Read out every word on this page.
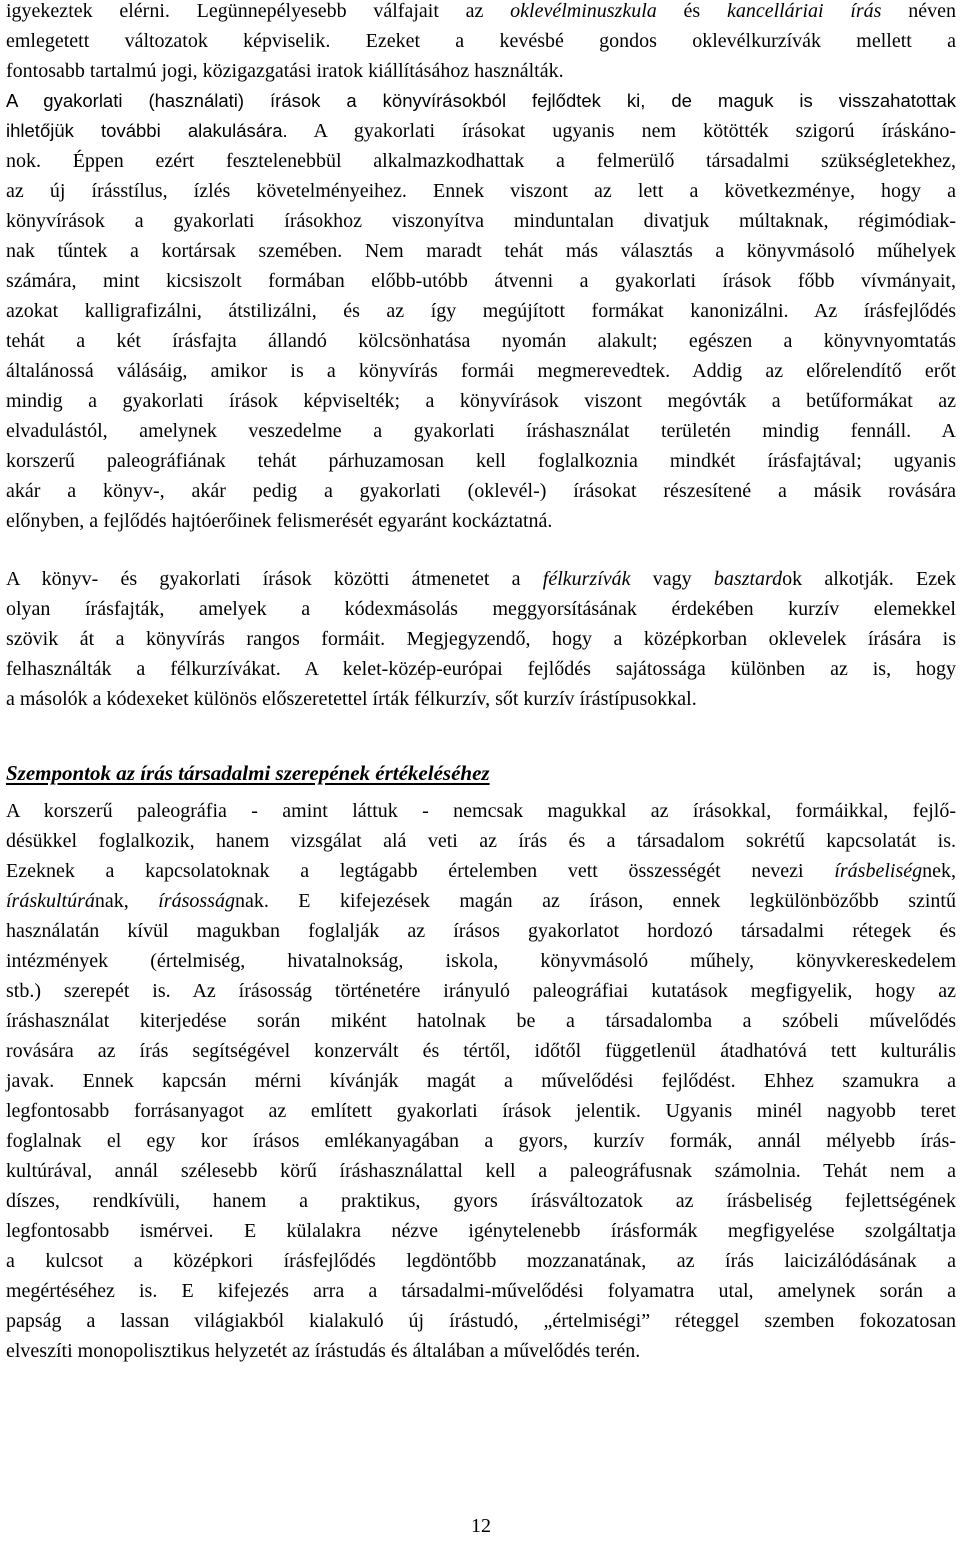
igyekeztek elérni. Legünnepélyesebb válfajait az oklevélminuszkula és kancelláriai írás néven
emlegetett változatok képviselik. Ezeket a kevésbé gondos oklevélkurzívák mellett a
fontosabb tartalmú jogi, közigazgatási iratok kiállításához használták.
A gyakorlati (használati) írások a könyvírásokból fejlődtek ki, de maguk is visszahatottak
ihletőjük további alakulására. A gyakorlati írásokat ugyanis nem kötötték szigorú íráskáno-
nok. Éppen ezért fesztelenebbül alkalmazkodhattak a felmerülő társadalmi szükségletekhez,
az új írásstílus, ízlés követelményeihez. Ennek viszont az lett a következménye, hogy a
könyvírások a gyakorlati írásokhoz viszonyítva minduntalan divatjuk múltaknak, régimódiak-
nak tűntek a kortársak szemében. Nem maradt tehát más választás a könyvmásoló műhelyek
számára, mint kicsiszolt formában előbb-utóbb átvenni a gyakorlati írások főbb vívmányait,
azokat kalligrafizálni, átstilizálni, és az így megújított formákat kanonizálni. Az írásfejlődés
tehát a két írásfajta állandó kölcsönhatása nyomán alakult; egészen a könyvnyomtatás
általánossá válásáig, amikor is a könyvírás formái megmerevedtek. Addig az előrelendítő erőt
mindig a gyakorlati írások képviselték; a könyvírások viszont megóvták a betűformákat az
elvadulástól, amelynek veszedelme a gyakorlati íráshasználat területén mindig fennáll. A
korszerű paleográfiának tehát párhuzamosan kell foglalkoznia mindkét írásfajtával; ugyanis
akár a könyv-, akár pedig a gyakorlati (oklevél-) írásokat részesítené a másik rovására
előnyben, a fejlődés hajtóerőinek felismerését egyaránt kockáztatná.
A könyv- és gyakorlati írások közötti átmenetet a félkurzívák vagy basztardok alkotják. Ezek
olyan írásfajták, amelyek a kódexmásolás meggyorsításának érdekében kurzív elemekkel
szövik át a könyvírás rangos formáit. Megjegyzendő, hogy a középkorban oklevelek írására is
felhasználták a félkurzívákat. A kelet-közép-európai fejlődés sajátossága különben az is, hogy
a másolók a kódexeket különös előszeretettel írták félkurzív, sőt kurzív írástípusokkal.
Szempontok az írás társadalmi szerepének értékeléséhez
A korszerű paleográfia - amint láttuk - nemcsak magukkal az írásokkal, formáikkal, fejlő-
désükkel foglalkozik, hanem vizsgálat alá veti az írás és a társadalom sokrétű kapcsolatát is.
Ezeknek a kapcsolatoknak a legtágabb értelemben vett összességét nevezi írásbeliségnek,
íráskultúrának, írásosságnak. E kifejezések magán az íráson, ennek legkülönbözőbb szintű
használatán kívül magukban foglalják az írásos gyakorlatot hordozó társadalmi rétegek és
intézmények (értelmiség, hivatalnokság, iskola, könyvmásoló műhely, könyvkereskedelem
stb.) szerepét is. Az írásosság történetére irányuló paleográfiai kutatások megfigyelik, hogy az
íráshasználat kiterjedése során miként hatolnak be a társadalomba a szóbeli művelődés
rovására az írás segítségével konzervált és tértől, időtől függetlenül átadhatóvá tett kulturális
javak. Ennek kapcsán mérni kívánják magát a művelődési fejlődést. Ehhez szamukra a
legfontosabb forrásanyagot az említett gyakorlati írások jelentik. Ugyanis minél nagyobb teret
foglalnak el egy kor írásos emlékanyagában a gyors, kurzív formák, annál mélyebb írás-
kultúrával, annál szélesebb körű íráshasználattal kell a paleográfusnak számolnia. Tehát nem a
díszes, rendkívüli, hanem a praktikus, gyors írásváltozatok az írásbeliség fejlettségének
legfontosabb ismérvei. E külalakra nézve igénytelenebb írásformák megfigyelése szolgáltatja
a kulcsot a középkori írásfejlődés legdöntőbb mozzanatának, az írás laicizálódásának a
megértéséhez is. E kifejezés arra a társadalmi-művelődési folyamatra utal, amelynek során a
papság a lassan világiakból kialakuló új írástudó, „értelmiségi” réteggel szemben fokozatosan
elveszíti monopolisztikus helyzetét az írástudás és általában a művelődés terén.
12
